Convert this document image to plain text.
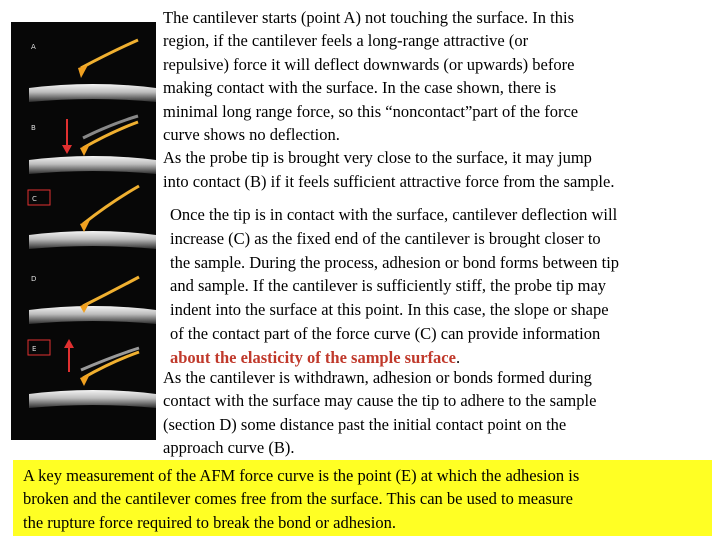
A
B
C
D
E

The cantilever starts (point A) not touching the surface. In this
region, if the cantilever feels a long-range attractive (or
repulsive) force it will deflect downwards (or upwards) before
making contact with the surface. In the case shown, there is
minimal long range force, so this “noncontact”part of the force
curve shows no deflection.
As the probe tip is brought very close to the surface, it may jump
into contact (B) if it feels sufficient attractive force from the sample.

Once the tip is in contact with the surface, cantilever deflection will
increase (C) as the fixed end of the cantilever is brought closer to
the sample. During the process, adhesion or bond forms between tip
and sample. If the cantilever is sufficiently stiff, the probe tip may
indent into the surface at this point. In this case, the slope or shape
of the contact part of the force curve (C) can provide information
about the elasticity of the sample surface.

As the cantilever is withdrawn, adhesion or bonds formed during
contact with the surface may cause the tip to adhere to the sample
(section D) some distance past the initial contact point on the
approach curve (B).

A key measurement of the AFM force curve is the point (E) at which the adhesion is
broken and the cantilever comes free from the surface. This can be used to measure
the rupture force required to break the bond or adhesion.
